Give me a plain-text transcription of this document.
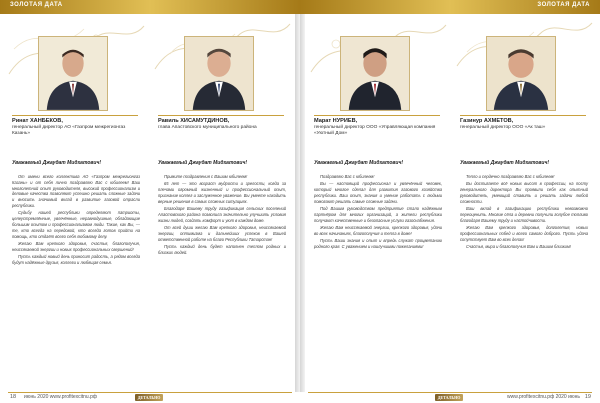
ЗОЛОТАЯ ДАТА
Ринат ХАНБЕКОВ,
генеральный директор АО «Газпром межрегионгаз Казань»
Уважаемый Джаудат Мидхатович!

От имени всего коллектива АО «Газпром межрегионгаз Казань» и от себя лично поздравляю Вас с юбилеем! Ваш многолетний опыт руководителя, высокий профессионализм и деловые качества позволяют успешно решать сложные задачи и вносить значимый вклад в развитие газовой отрасли республики.

Судьбу нашей республики определяют патриоты, целеустремлённые, увлечённые, неравнодушные, обладающие большим опытом и профессионализмом люди. Такие, как Вы, — те, кто всегда на передовой, кто всегда готов прийти на помощь, кто отдаёт всего себя любимому делу.

Желаю Вам крепкого здоровья, счастья, благополучия, неиссякаемой энергии и новых профессиональных свершений!

Пусть каждый новый день приносит радость, а рядом всегда будут надёжные друзья, коллеги и любящая семья.

Равиль ХИСАМУТДИНОВ,
глава Апастовского муниципального района
Уважаемый Джаудат Мидхатович!

Примите поздравления с Вашим юбилеем!

65 лет — это возраст мудрости и зрелости, когда за плечами огромный жизненный и профессиональный опыт, признание коллег и заслуженное уважение. Вы умеете находить верные решения в самых сложных ситуациях.

Благодаря Вашему труду газификация сельских поселений Апастовского района позволила значительно улучшить условия жизни людей, создать комфорт и уют в каждом доме.

От всей души желаю Вам крепкого здоровья, неиссякаемой энергии, оптимизма и дальнейших успехов в Вашей ответственной работе на благо Республики Татарстан!

Пусть каждый день будет наполнен теплом родных и близких людей.

18 июнь 2020 www.profitexcitnu.рф	ДЕТАЛЬНО
ЗОЛОТАЯ ДАТА
Марат НУРИЕВ,
генеральный директор ООО «Управляющая компания «Уютный Дом»
Уважаемый Джаудат Мидхатович!

Поздравляю Вас с юбилеем!

Вы — настоящий профессионал и увлечённый человек, который многое сделал для развития газового хозяйства республики. Ваш опыт, знания и умение работать с людьми помогают решать самые сложные задачи.

Под Вашим руководством предприятие стало надёжным партнёром для многих организаций, а жители республики получают качественные и безопасные услуги газоснабжения.

Желаю Вам неиссякаемой энергии, крепкого здоровья, удачи во всех начинаниях, благополучия и тепла в доме!

Пусть Ваши знания и опыт и впредь служат процветанию родного края. С уважением и наилучшими пожеланиями!

Газинур АХМЕТОВ,
генеральный директор ООО «Ак таш»
Уважаемый Джаудат Мидхатович!

Тепло и сердечно поздравляю Вас с юбилеем!

Вы достигаете всё новых высот в профессии, на посту генерального директора Вы проявили себя как опытный руководитель, умеющий ставить и решать задачи любой сложности.

Ваш вклад в газификацию республики невозможно переоценить. Многие сёла и деревни получили голубое топливо благодаря Вашему труду и настойчивости.

Желаю Вам крепкого здоровья, долголетия, новых профессиональных побед и всего самого доброго. Пусть удача сопутствует Вам во всех делах!

Счастья, мира и благополучия Вам и Вашим близким!

ДЕТАЛЬНО	www.profitexcitnu.рф 2020 июнь 19
